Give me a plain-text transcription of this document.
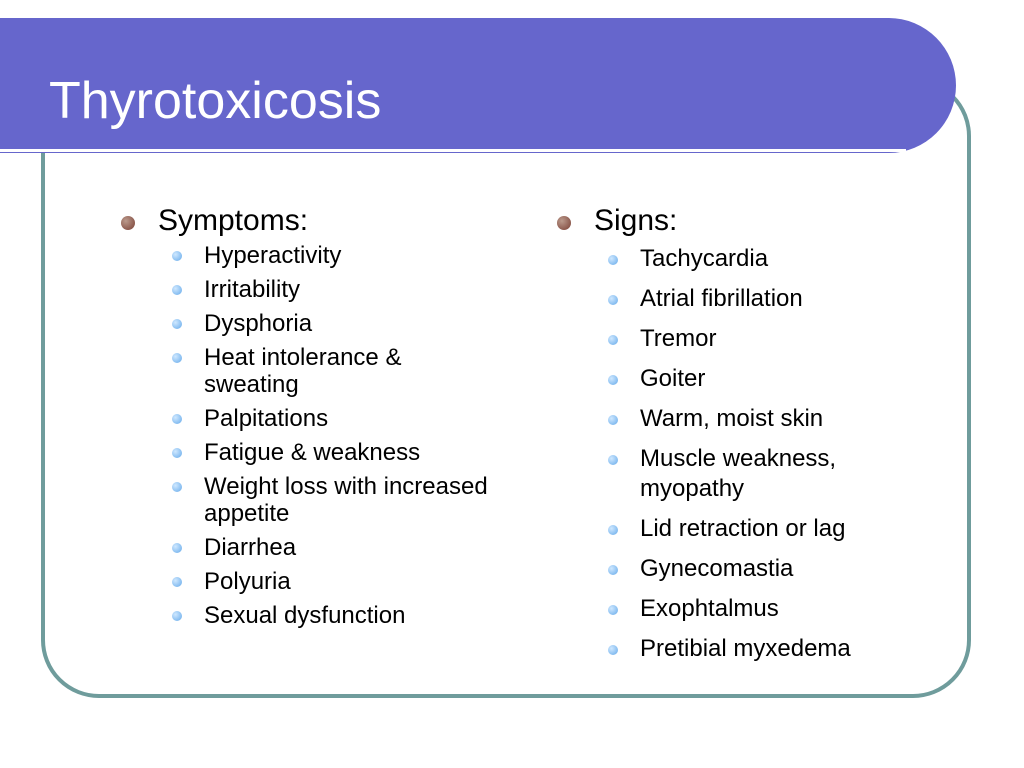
Thyrotoxicosis
Symptoms:
Hyperactivity
Irritability
Dysphoria
Heat intolerance & sweating
Palpitations
Fatigue & weakness
Weight loss with increased appetite
Diarrhea
Polyuria
Sexual dysfunction
Signs:
Tachycardia
Atrial fibrillation
Tremor
Goiter
Warm, moist skin
Muscle weakness, myopathy
Lid retraction or lag
Gynecomastia
Exophtalmus
Pretibial myxedema
